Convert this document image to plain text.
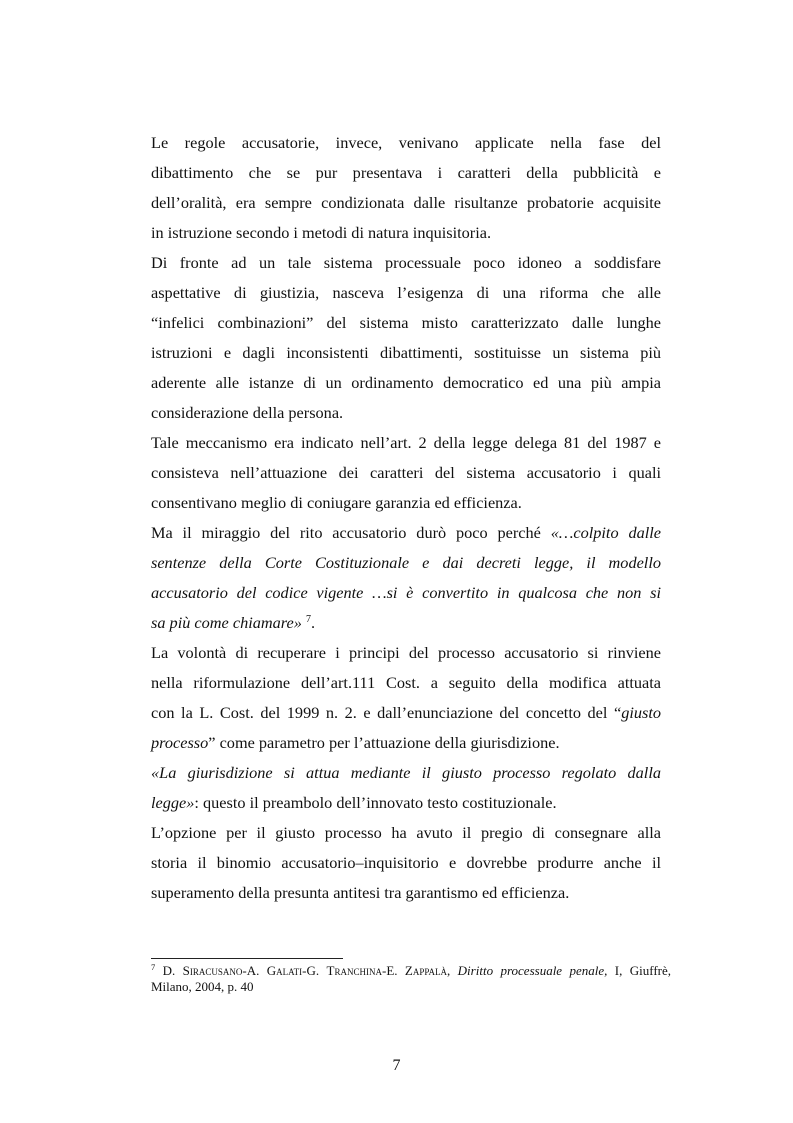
Le regole accusatorie, invece, venivano applicate nella fase del
dibattimento che se pur presentava i caratteri della pubblicità e
dell’oralità, era sempre condizionata dalle risultanze probatorie acquisite
in istruzione secondo i metodi di natura inquisitoria.
Di fronte ad un tale sistema processuale poco idoneo a soddisfare
aspettative di giustizia, nasceva l’esigenza di una riforma che alle
“infelici combinazioni” del sistema misto caratterizzato dalle lunghe
istruzioni e dagli inconsistenti dibattimenti, sostituisse un sistema più
aderente alle istanze di un ordinamento democratico ed una più ampia
considerazione della persona.
Tale meccanismo era indicato nell’art. 2 della legge delega 81 del 1987 e
consisteva nell’attuazione dei caratteri del sistema accusatorio i quali
consentivano meglio di coniugare garanzia ed efficienza.
Ma il miraggio del rito accusatorio durò poco perché «…colpito dalle
sentenze della Corte Costituzionale e dai decreti legge, il modello
accusatorio del codice vigente …si è convertito in qualcosa che non si
sa più come chiamare» $^7$.
La volontà di recuperare i principi del processo accusatorio si rinviene
nella riformulazione dell’art.111 Cost. a seguito della modifica attuata
con la L. Cost. del 1999 n. 2. e dall’enunciazione del concetto del “giusto
processo” come parametro per l’attuazione della giurisdizione.
«La giurisdizione si attua mediante il giusto processo regolato dalla
legge»: questo il preambolo dell’innovato testo costituzionale.
L’opzione per il giusto processo ha avuto il pregio di consegnare alla
storia il binomio accusatorio–inquisitorio e dovrebbe produrre anche il
superamento della presunta antitesi tra garantismo ed efficienza.
$^7$ D. Siracusano-A. Galati-G. Tranchina-E. Zappalà, Diritto processuale penale, I, Giuffrè,
Milano, 2004, p. 40
7
